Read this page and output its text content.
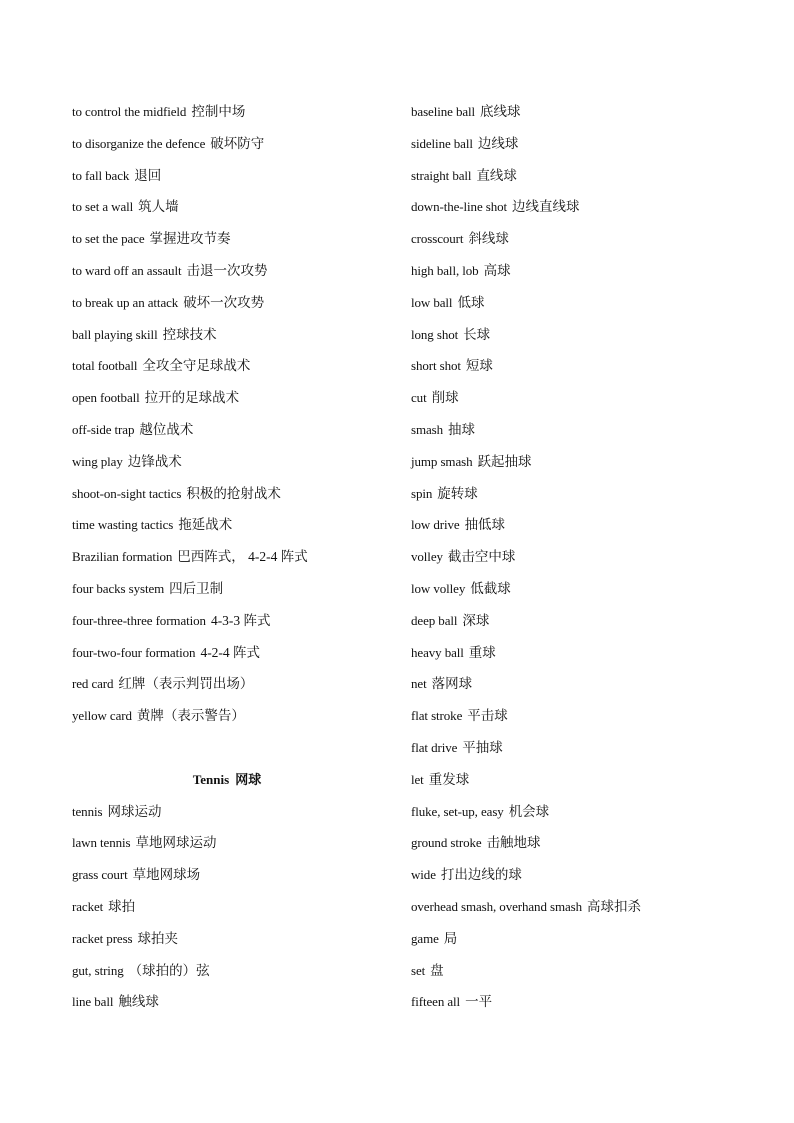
to control the midfield 控制中场
to disorganize the defence 破坏防守
to fall back 退回
to set a wall 筑人墙
to set the pace 掌握进攻节奏
to ward off an assault 击退一次攻势
to break up an attack 破坏一次攻势
ball playing skill 控球技术
total football 全攻全守足球战术
open football 拉开的足球战术
off-side trap 越位战术
wing play 边锋战术
shoot-on-sight tactics 积极的抢射战术
time wasting tactics 拖延战术
Brazilian formation 巴西阵式， 4-2-4 阵式
four backs system 四后卫制
four-three-three formation 4-3-3 阵式
four-two-four formation 4-2-4 阵式
red card 红牌（表示判罚出场）
yellow card 黄牌（表示警告）
Tennis 网球
tennis 网球运动
lawn tennis 草地网球运动
grass court 草地网球场
racket 球拍
racket press 球拍夹
gut, string （球拍的）弦
line ball 触线球
baseline ball 底线球
sideline ball 边线球
straight ball 直线球
down-the-line shot 边线直线球
crosscourt 斜线球
high ball, lob 高球
low ball 低球
long shot 长球
short shot 短球
cut 削球
smash 抽球
jump smash 跃起抽球
spin 旋转球
low drive 抽低球
volley 截击空中球
low volley 低截球
deep ball 深球
heavy ball 重球
net 落网球
flat stroke 平击球
flat drive 平抽球
let 重发球
fluke, set-up, easy 机会球
ground stroke 击触地球
wide 打出边线的球
overhead smash, overhand smash 高球扣杀
game 局
set 盘
fifteen all 一平
